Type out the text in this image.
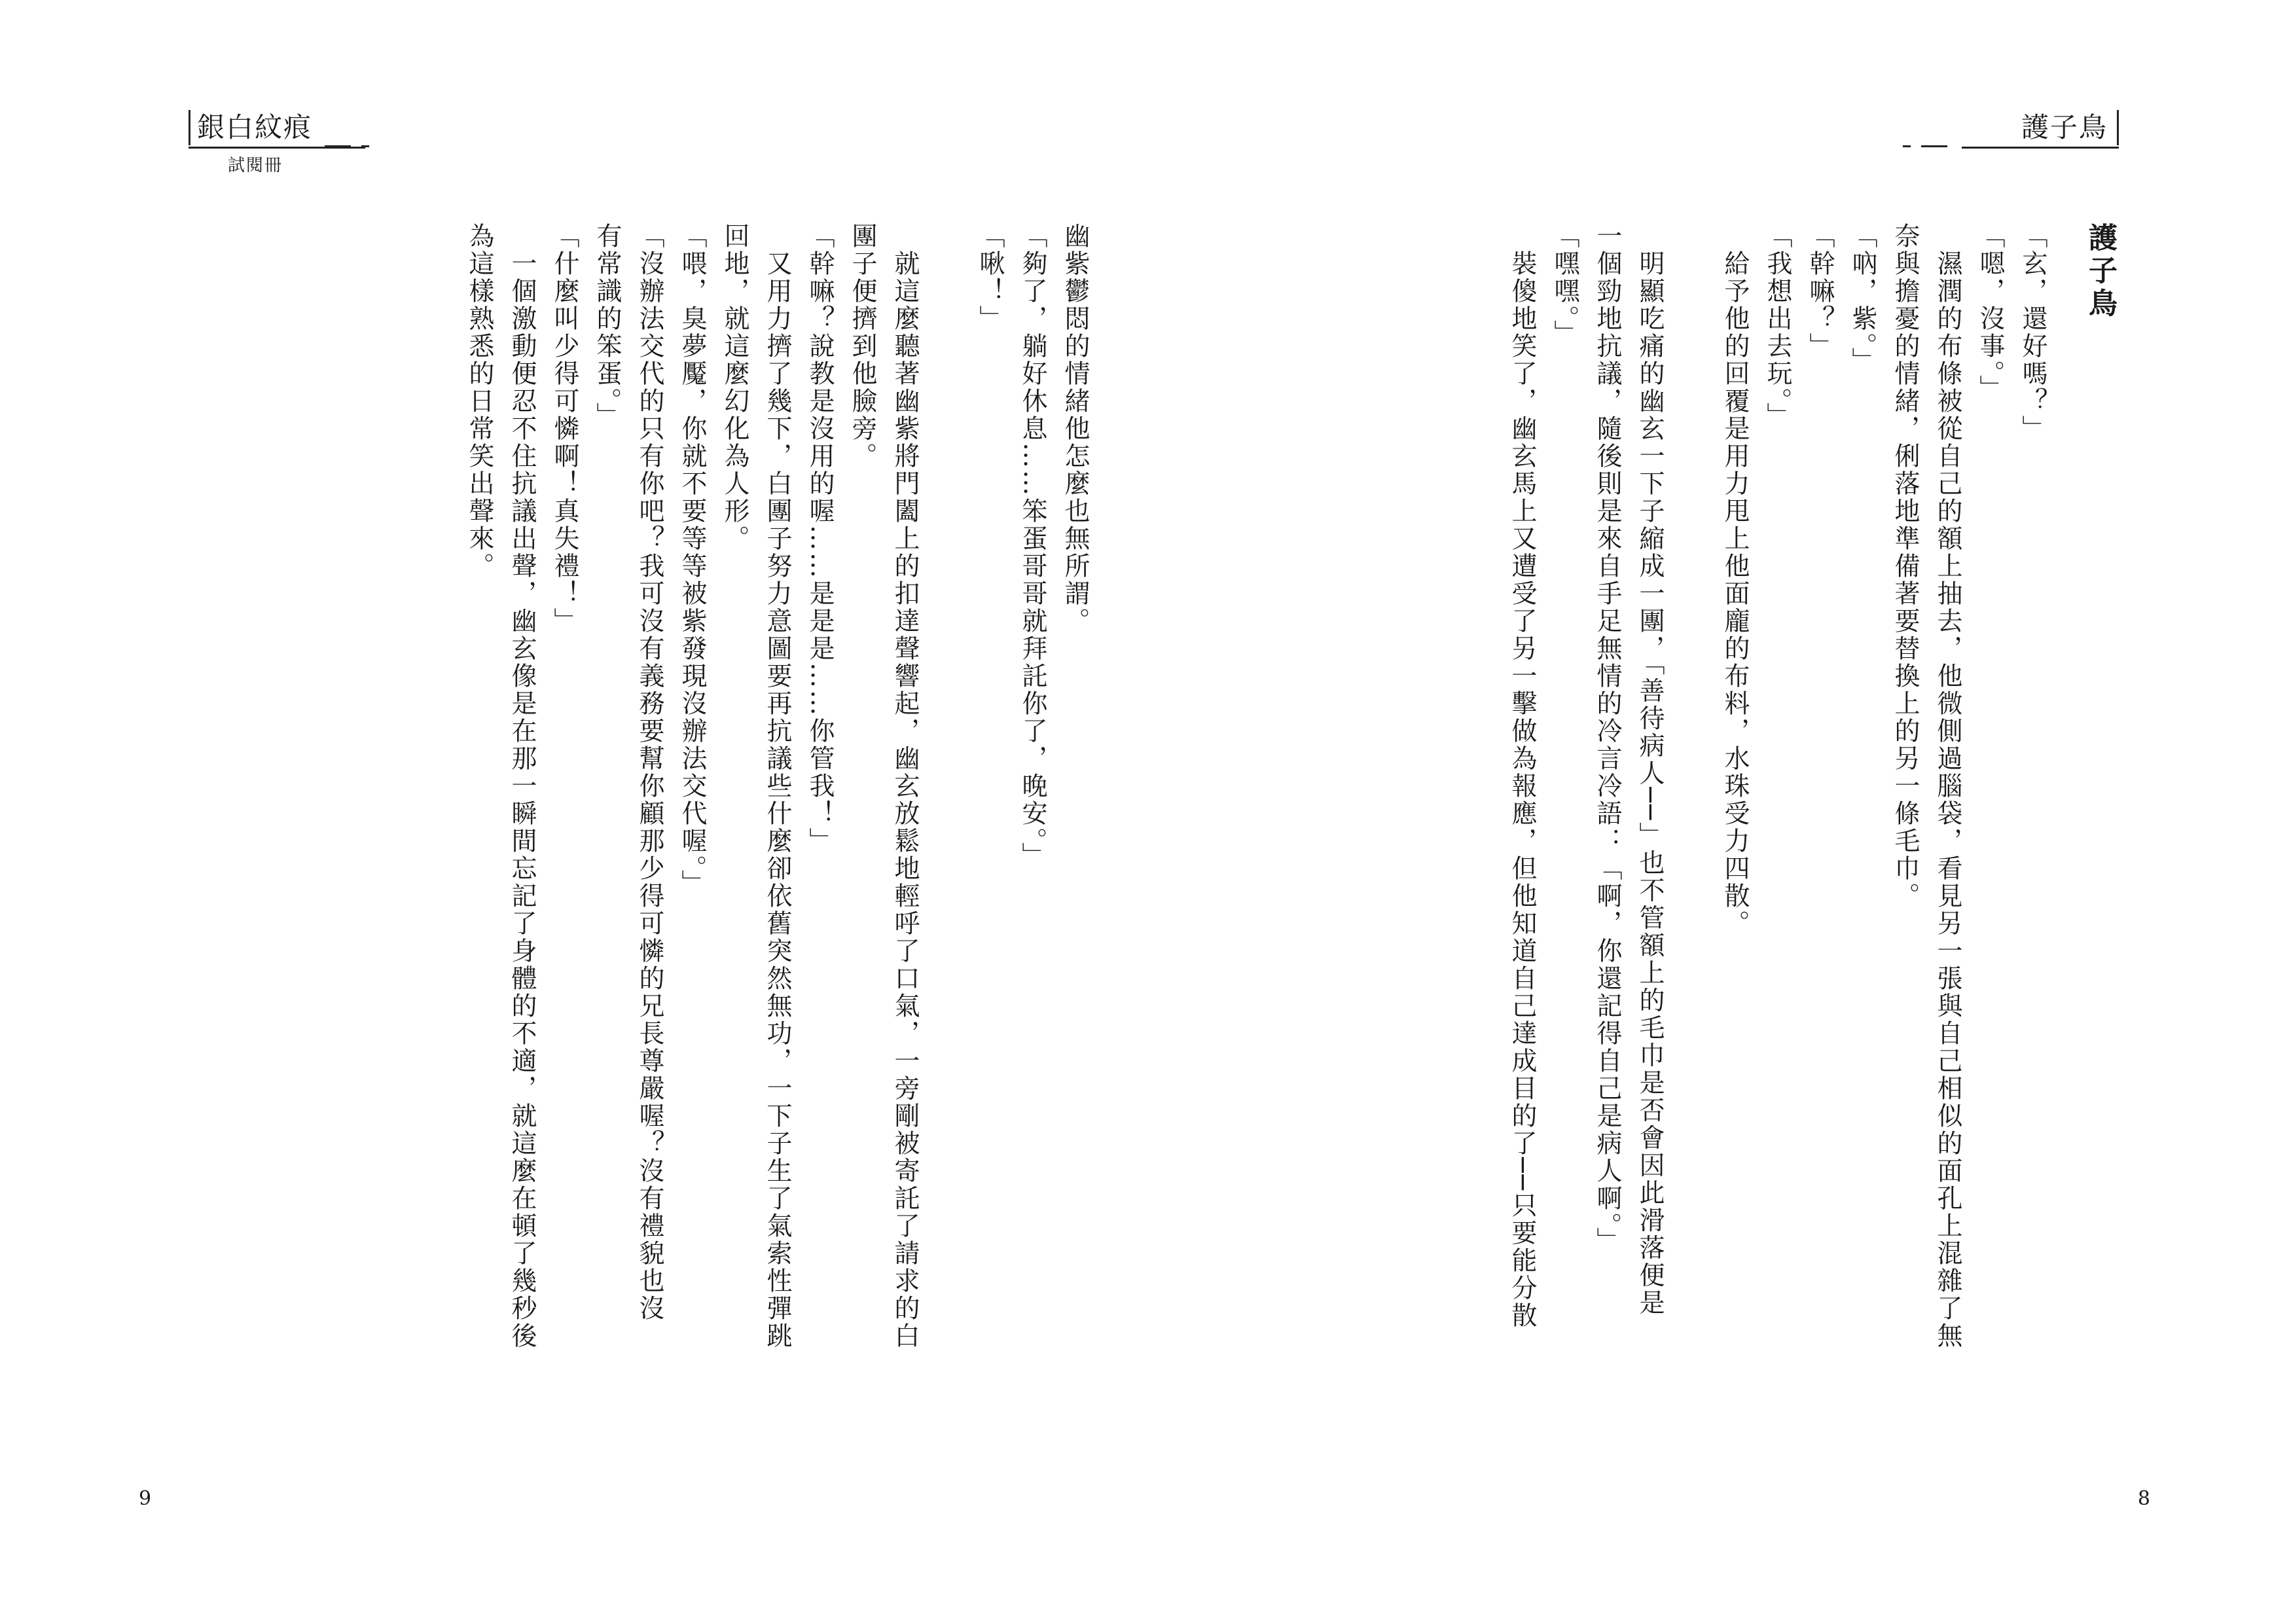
銀白紋痕
試閱冊
護子鳥

護子鳥

「玄，還好嗎？」

「嗯，沒事。」

　濕潤的布條被從自己的額上抽去，他微側過腦袋，看見另一張與自己相似的面孔上混雜了無

奈與擔憂的情緒，俐落地準備著要替換上的另一條毛巾。

「吶，紫。」

「幹嘛？」

「我想出去玩。」

　給予他的回覆是用力甩上他面龐的布料，水珠受力四散。

　明顯吃痛的幽玄一下子縮成一團，「善待病人──」也不管額上的毛巾是否會因此滑落便是

一個勁地抗議，隨後則是來自手足無情的冷言冷語：「啊，你還記得自己是病人啊。」

「嘿嘿。」

　裝傻地笑了，幽玄馬上又遭受了另一擊做為報應，但他知道自己達成目的了──只要能分散

幽紫鬱悶的情緒他怎麼也無所謂。

「夠了，躺好休息……笨蛋哥哥就拜託你了，晚安。」

「啾！」

　就這麼聽著幽紫將門闔上的扣達聲響起，幽玄放鬆地輕呼了口氣，一旁剛被寄託了請求的白

團子便擠到他臉旁。

「幹嘛？說教是沒用的喔……是是是……你管我！」

　又用力擠了幾下，白團子努力意圖要再抗議些什麼卻依舊突然無功，一下子生了氣索性彈跳

回地，就這麼幻化為人形。

「喂，臭夢魘，你就不要等等被紫發現沒辦法交代喔。」

「沒辦法交代的只有你吧？我可沒有義務要幫你顧那少得可憐的兄長尊嚴喔？沒有禮貌也沒

有常識的笨蛋。」

「什麼叫少得可憐啊！真失禮！」

　一個激動便忍不住抗議出聲，幽玄像是在那一瞬間忘記了身體的不適，就這麼在頓了幾秒後

為這樣熟悉的日常笑出聲來。

9	8
